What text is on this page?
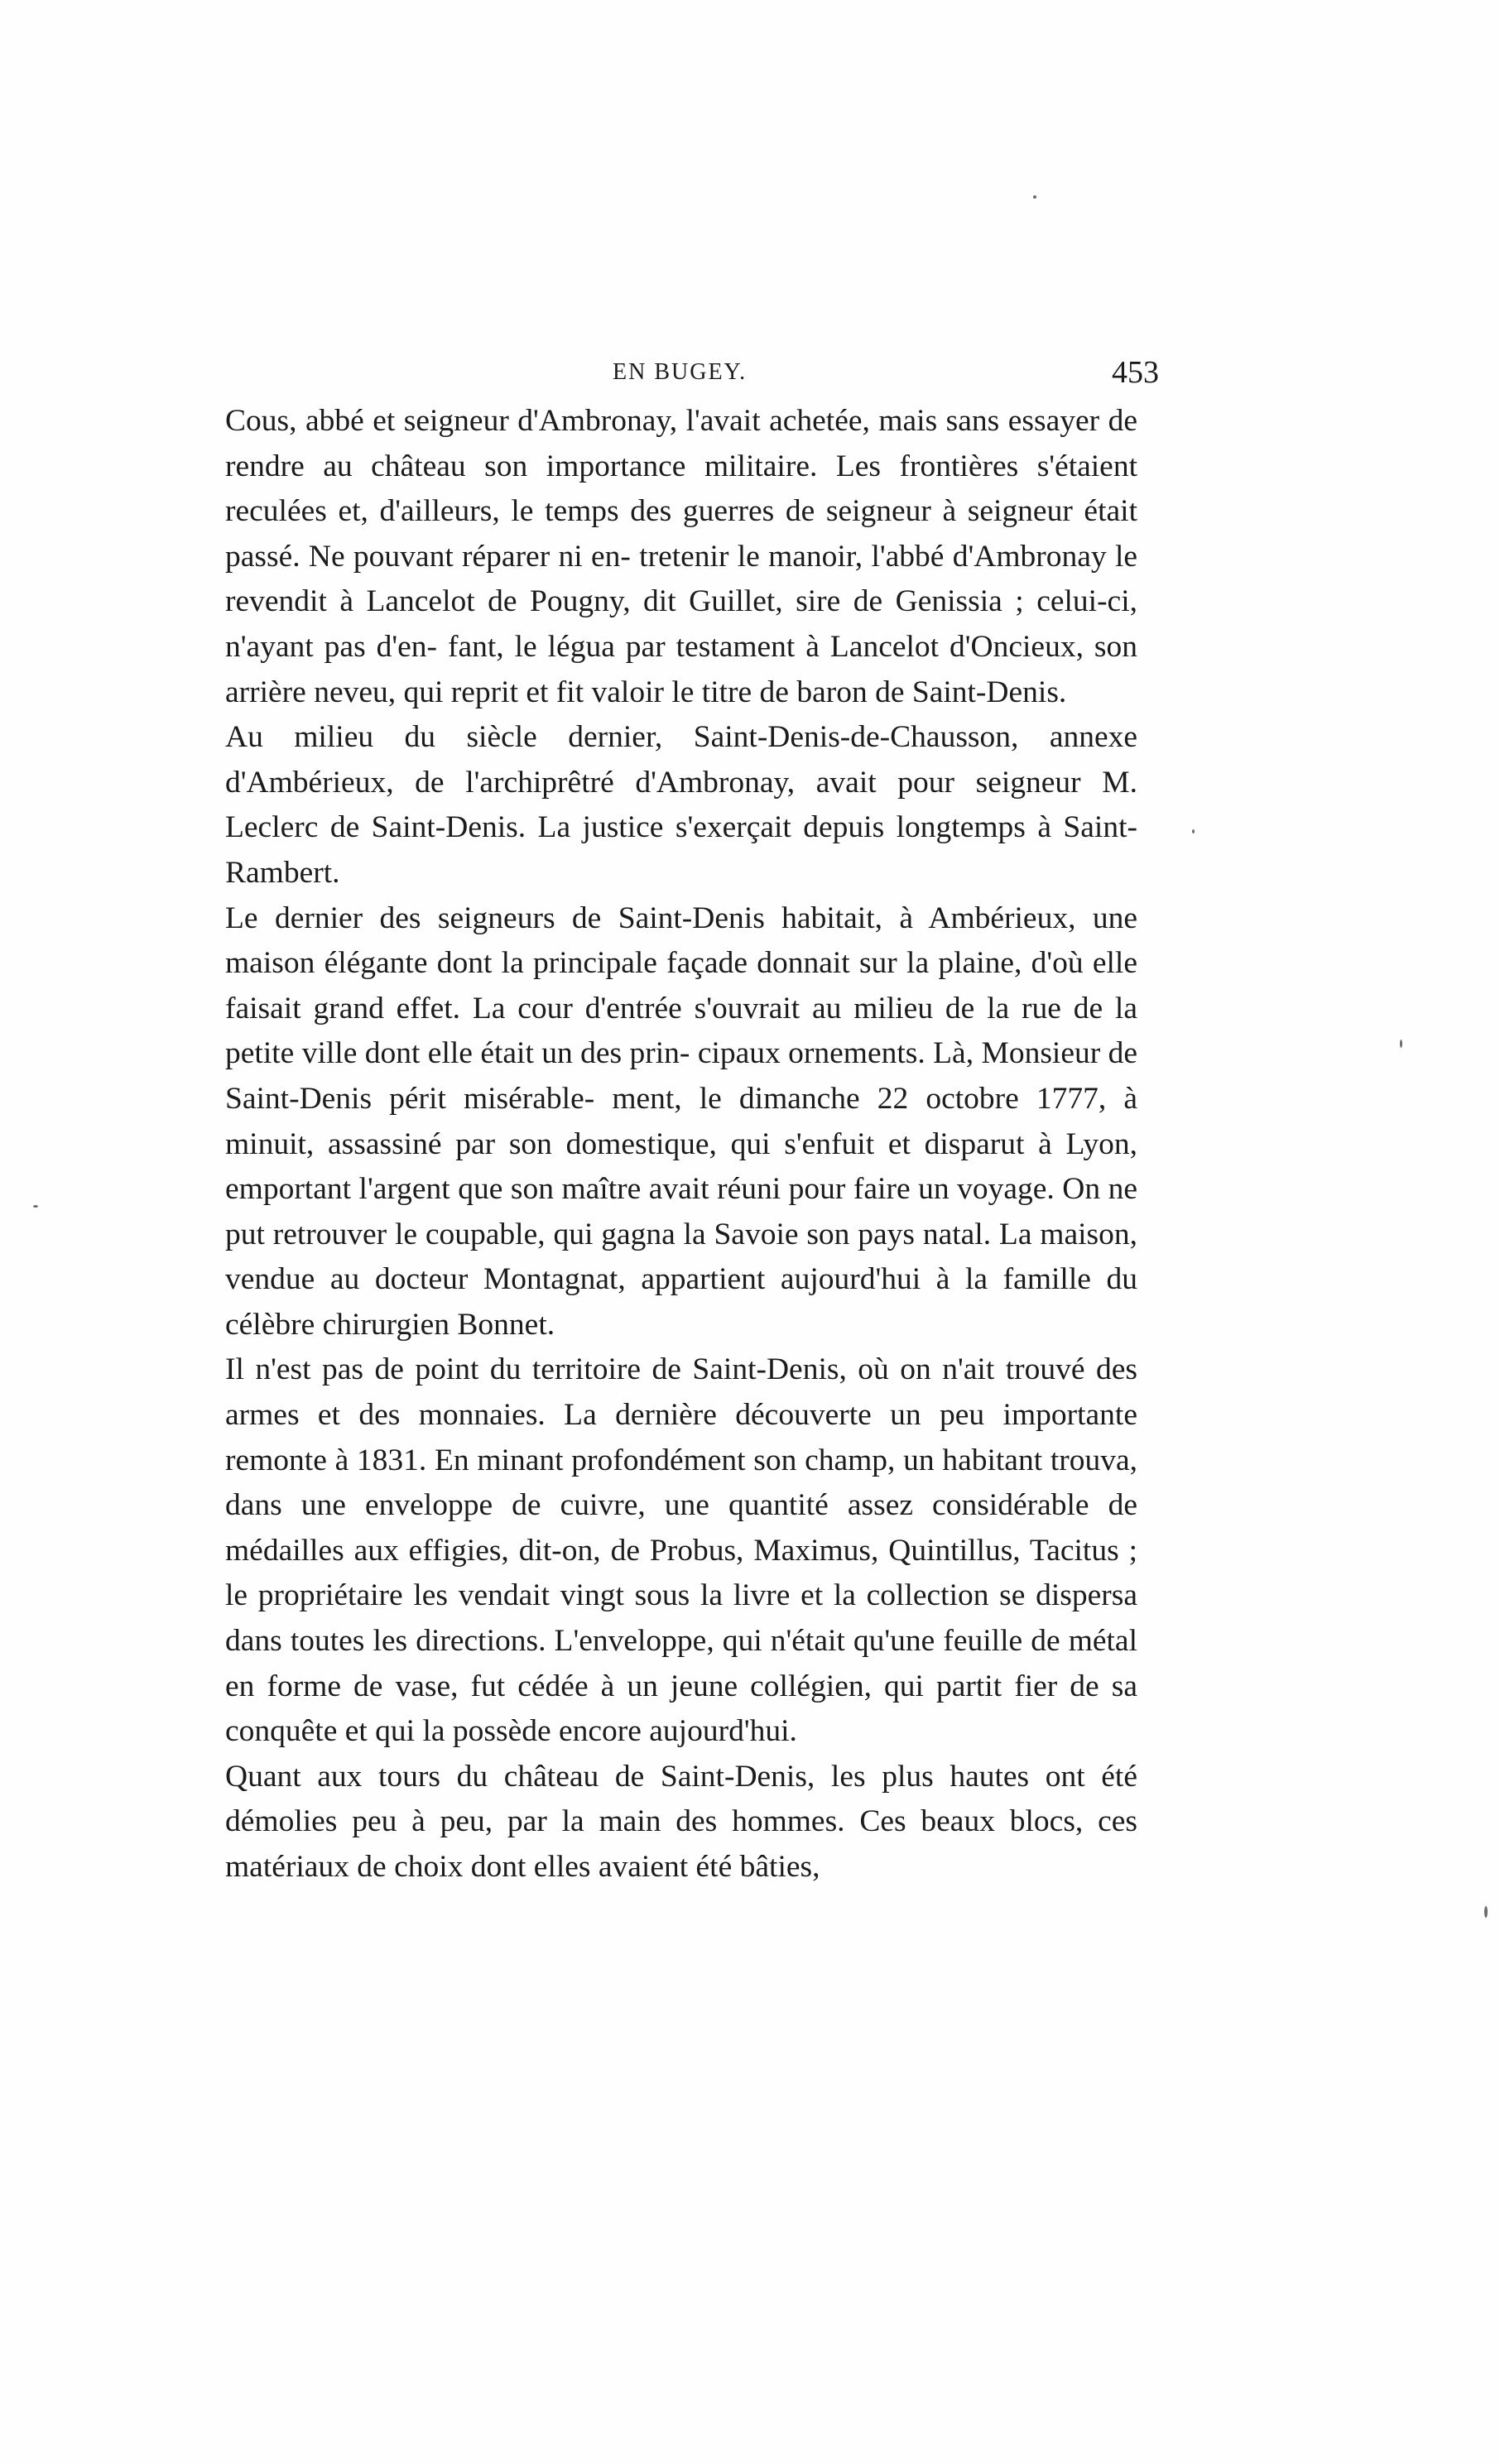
EN BUGEY.	453

Cous, abbé et seigneur d'Ambronay, l'avait achetée, mais sans essayer de rendre au château son importance militaire. Les frontières s'étaient reculées et, d'ailleurs, le temps des guerres de seigneur à seigneur était passé. Ne pouvant réparer ni en- tretenir le manoir, l'abbé d'Ambronay le revendit à Lancelot de Pougny, dit Guillet, sire de Genissia ; celui-ci, n'ayant pas d'en- fant, le légua par testament à Lancelot d'Oncieux, son arrière neveu, qui reprit et fit valoir le titre de baron de Saint-Denis.

Au milieu du siècle dernier, Saint-Denis-de-Chausson, annexe d'Ambérieux, de l'archiprêtré d'Ambronay, avait pour seigneur M. Leclerc de Saint-Denis. La justice s'exerçait depuis longtemps à Saint-Rambert.

Le dernier des seigneurs de Saint-Denis habitait, à Ambérieux, une maison élégante dont la principale façade donnait sur la plaine, d'où elle faisait grand effet. La cour d'entrée s'ouvrait au milieu de la rue de la petite ville dont elle était un des prin- cipaux ornements. Là, Monsieur de Saint-Denis périt misérable- ment, le dimanche 22 octobre 1777, à minuit, assassiné par son domestique, qui s'enfuit et disparut à Lyon, emportant l'argent que son maître avait réuni pour faire un voyage. On ne put retrouver le coupable, qui gagna la Savoie son pays natal. La maison, vendue au docteur Montagnat, appartient aujourd'hui à la famille du célèbre chirurgien Bonnet.

Il n'est pas de point du territoire de Saint-Denis, où on n'ait trouvé des armes et des monnaies. La dernière découverte un peu importante remonte à 1831. En minant profondément son champ, un habitant trouva, dans une enveloppe de cuivre, une quantité assez considérable de médailles aux effigies, dit-on, de Probus, Maximus, Quintillus, Tacitus ; le propriétaire les vendait vingt sous la livre et la collection se dispersa dans toutes les directions. L'enveloppe, qui n'était qu'une feuille de métal en forme de vase, fut cédée à un jeune collégien, qui partit fier de sa conquête et qui la possède encore aujourd'hui.

Quant aux tours du château de Saint-Denis, les plus hautes ont été démolies peu à peu, par la main des hommes. Ces beaux blocs, ces matériaux de choix dont elles avaient été bâties,
